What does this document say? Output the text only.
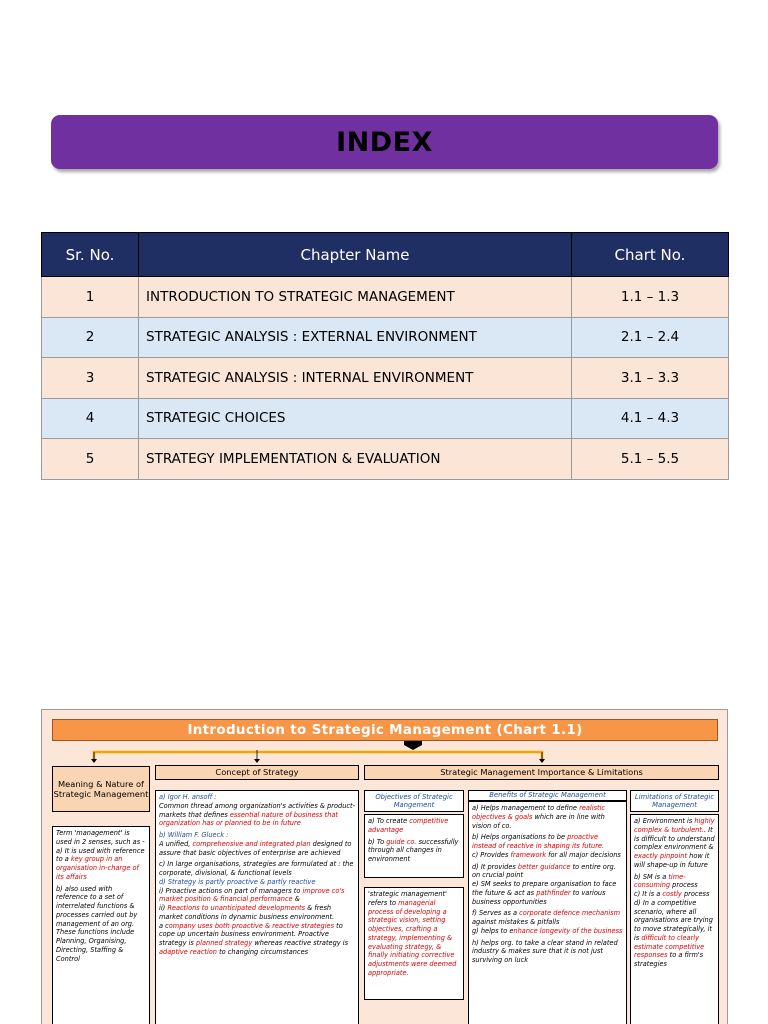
INDEX
Sr. No.	Chapter Name	Chart No.
1	INTRODUCTION TO STRATEGIC MANAGEMENT	1.1 – 1.3
2	STRATEGIC ANALYSIS : EXTERNAL ENVIRONMENT	2.1 – 2.4
3	STRATEGIC ANALYSIS : INTERNAL ENVIRONMENT	3.1 – 3.3
4	STRATEGIC CHOICES	4.1 – 4.3
5	STRATEGY IMPLEMENTATION & EVALUATION	5.1 – 5.5
Introduction to Strategic Management (Chart 1.1)
Meaning & Nature of Strategic Management
Concept of Strategy	Strategic Management Importance & Limitations
Term 'management' is used in 2 senses, such as -
a) It is used with reference to a key group in an organisation in-charge of its affairs
b) also used with reference to a set of interrelated functions & processes carried out by management of an org. These functions include Planning, Organising, Directing, Staffing & Control
a) Igor H. ansoff :
Common thread among organization's activities & product-markets that defines essential nature of business that organization has or planned to be in future
b) William F. Glueck :
A unified, comprehensive and integrated plan designed to assure that basic objectives of enterprise are achieved
c) In large organisations, strategies are formulated at : the corporate, divisional, & functional levels
d) Strategy is partly proactive & partly reactive
i) Proactive actions on part of managers to improve co's market position & financial performance &
ii) Reactions to unanticipated developments & fresh market conditions in dynamic business environment.
a company uses both proactive & reactive strategies to cope up uncertain business environment. Proactive strategy is planned strategy whereas reactive strategy is adaptive reaction to changing circumstances
Objectives of Strategic Mangement
a) To create competitive advantage
b) To guide co. successfully through all changes in environment
'strategic management' refers to managerial process of developing a strategic vision, setting objectives, crafting a strategy, implementing & evaluating strategy, & finally initiating corrective adjustments were deemed appropriate.
Benefits of Strategic Management
a) Helps management to define realistic objectives & goals which are in line with vision of co.
b) Helps organisations to be proactive instead of reactive in shaping its future.
c) Provides framework for all major decisions
d) It provides better guidance to entire org. on crucial point
e) SM seeks to prepare organisation to face the future & act as pathfinder to various business opportunities
f) Serves as a corporate defence mechanism against mistakes & pitfalls
g) helps to enhance longevity of the business
h) helps org. to take a clear stand in related industry & makes sure that it is not just surviving on luck
Limitations of Strategic Management
a) Environment is highly complex & turbulent.. It is difficult to understand complex environment & exactly pinpoint how it will shape-up in future
b) SM is a time-consuming process
c) It is a costly process
d) In a competitive scenario, where all organisations are trying to move strategically, it is difficult to clearly estimate competitive responses to a firm's strategies
